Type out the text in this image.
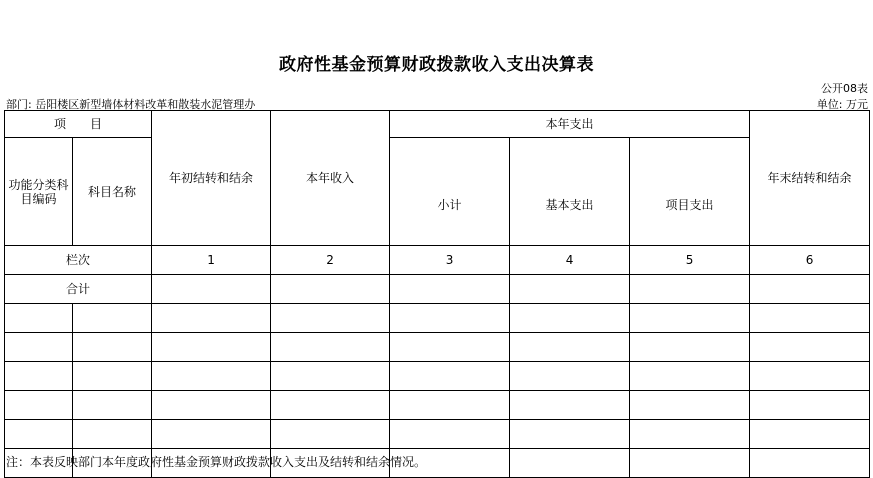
政府性基金预算财政拨款收入支出决算表
公开08表
部门: 岳阳楼区新型墙体材料改革和散装水泥管理办	单位: 万元
项　　目		年初结转和结余	本年收入	本年支出			年末结转和结余
功能分类科目编码	科目名称			小计	基本支出	项目支出	
栏次		1	2	3	4	5	6
合计							

注：本表反映部门本年度政府性基金预算财政拨款收入支出及结转和结余情况。
